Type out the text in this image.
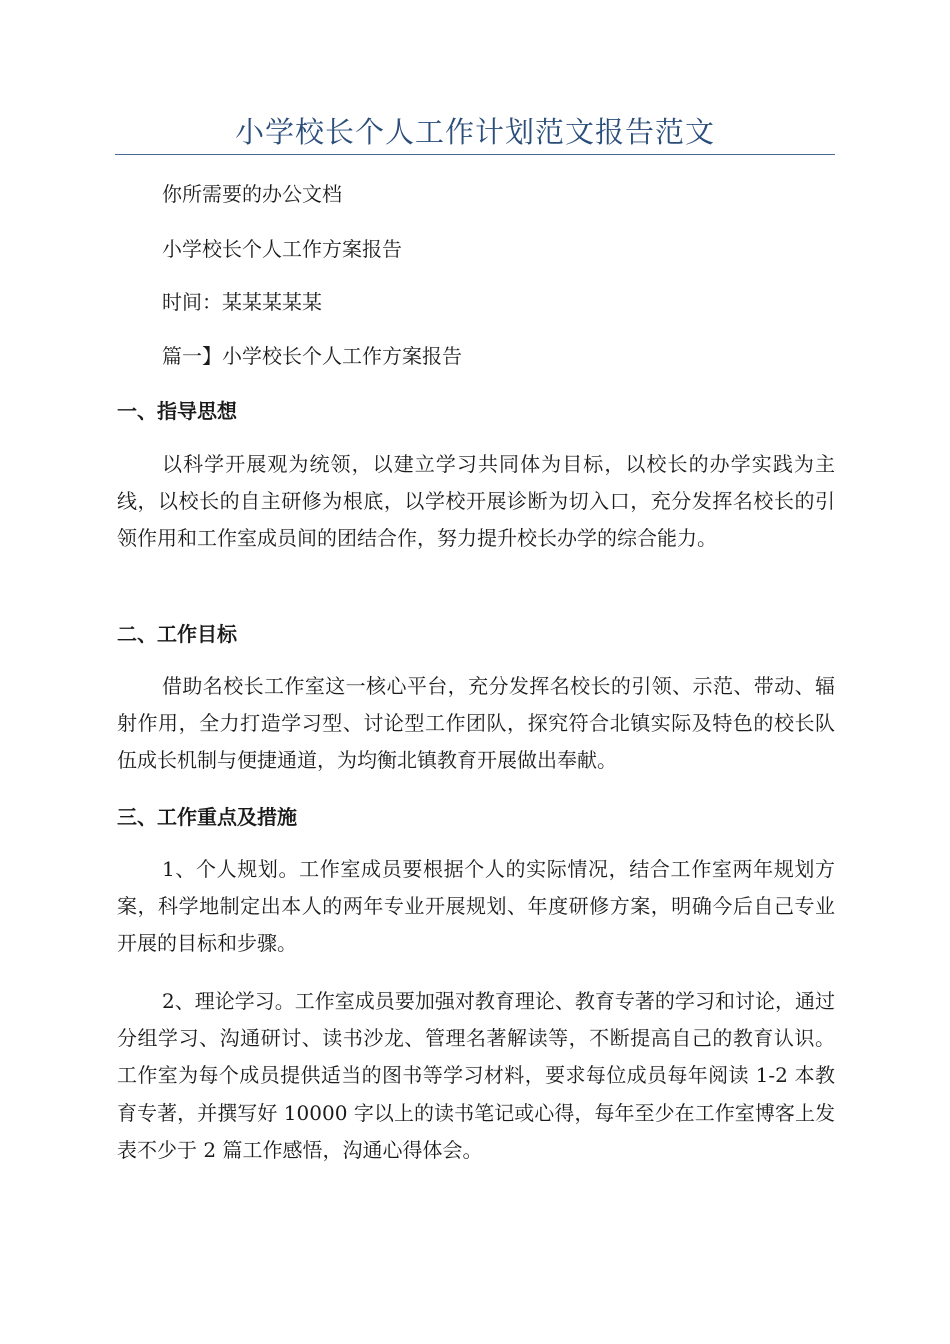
小学校长个人工作计划范文报告范文
你所需要的办公文档
小学校长个人工作方案报告
时间：某某某某某
篇一】小学校长个人工作方案报告
一、指导思想
以科学开展观为统领，以建立学习共同体为目标，以校长的办学实践为主线，以校长的自主研修为根底，以学校开展诊断为切入口，充分发挥名校长的引领作用和工作室成员间的团结合作，努力提升校长办学的综合能力。
二、工作目标
借助名校长工作室这一核心平台，充分发挥名校长的引领、示范、带动、辐射作用，全力打造学习型、讨论型工作团队，探究符合北镇实际及特色的校长队伍成长机制与便捷通道，为均衡北镇教育开展做出奉献。
三、工作重点及措施
1、个人规划。工作室成员要根据个人的实际情况，结合工作室两年规划方案，科学地制定出本人的两年专业开展规划、年度研修方案，明确今后自己专业开展的目标和步骤。
2、理论学习。工作室成员要加强对教育理论、教育专著的学习和讨论，通过分组学习、沟通研讨、读书沙龙、管理名著解读等，不断提高自己的教育认识。工作室为每个成员提供适当的图书等学习材料，要求每位成员每年阅读 1-2 本教育专著，并撰写好 10000 字以上的读书笔记或心得，每年至少在工作室博客上发表不少于 2 篇工作感悟，沟通心得体会。
